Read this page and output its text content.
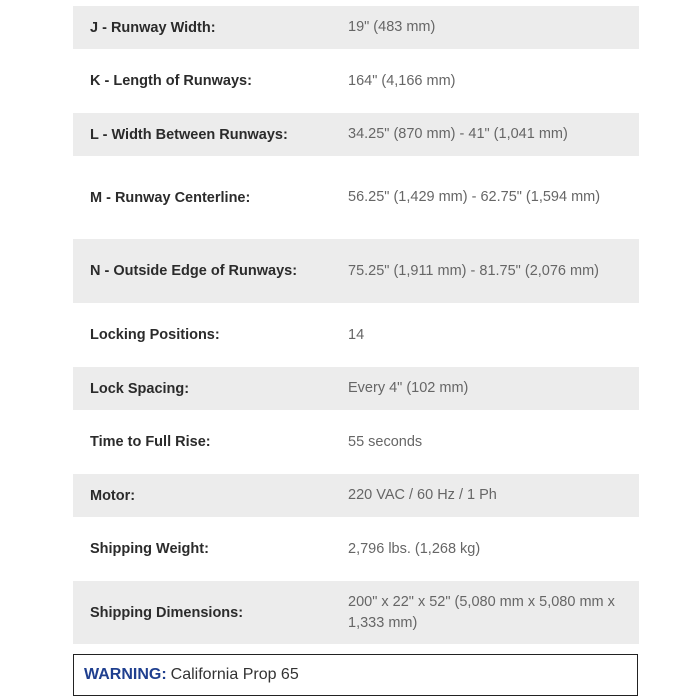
J - Runway Width:	19" (483 mm)
K - Length of Runways:	164" (4,166 mm)
L - Width Between Runways:	34.25" (870 mm) - 41" (1,041 mm)
M - Runway Centerline:	56.25" (1,429 mm) - 62.75" (1,594 mm)
N - Outside Edge of Runways:	75.25" (1,911 mm) - 81.75" (2,076 mm)
Locking Positions:	14
Lock Spacing:	Every 4" (102 mm)
Time to Full Rise:	55 seconds
Motor:	220 VAC / 60 Hz / 1 Ph
Shipping Weight:	2,796 lbs. (1,268 kg)
Shipping Dimensions:
200" x 22" x 52" (5,080 mm x 5,080 mm x 1,333 mm)
WARNING: California Prop 65
